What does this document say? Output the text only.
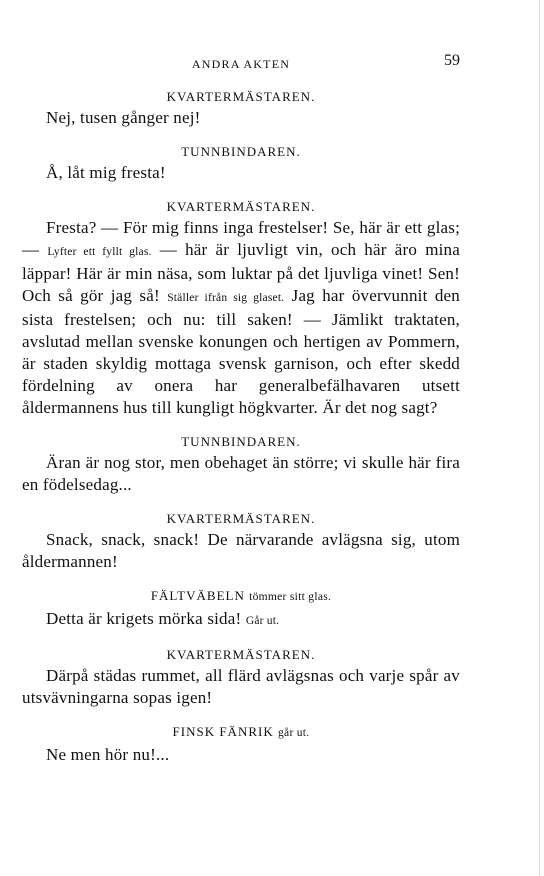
ANDRA AKTEN	59
KVARTERMÄSTAREN.

Nej, tusen gånger nej!

TUNNBINDAREN.

Å, låt mig fresta!

KVARTERMÄSTAREN.

Fresta? — För mig finns inga frestelser! Se, här är ett glas; — Lyfter ett fyllt glas. — här är ljuvligt vin, och här äro mina läppar! Här är min näsa, som luktar på det ljuvliga vinet! Sen! Och så gör jag så! Ställer ifrån sig glaset. Jag har övervunnit den sista frestelsen; och nu: till saken! — Jämlikt traktaten, avslutad mellan svenske konungen och hertigen av Pommern, är staden skyldig mottaga svensk garnison, och efter skedd fördelning av onera har generalbefälhavaren utsett åldermannens hus till kungligt högkvarter. Är det nog sagt?

TUNNBINDAREN.

Äran är nog stor, men obehaget än större; vi skulle här fira en födelsedag...

KVARTERMÄSTAREN.

Snack, snack, snack! De närvarande avlägsna sig, utom åldermannen!

FÄLTVÄBELN tömmer sitt glas.

Detta är krigets mörka sida! Går ut.

KVARTERMÄSTAREN.

Därpå städas rummet, all flärd avlägsnas och varje spår av utsvävningarna sopas igen!

FINSK FÄNRIK går ut.

Ne men hör nu!...
